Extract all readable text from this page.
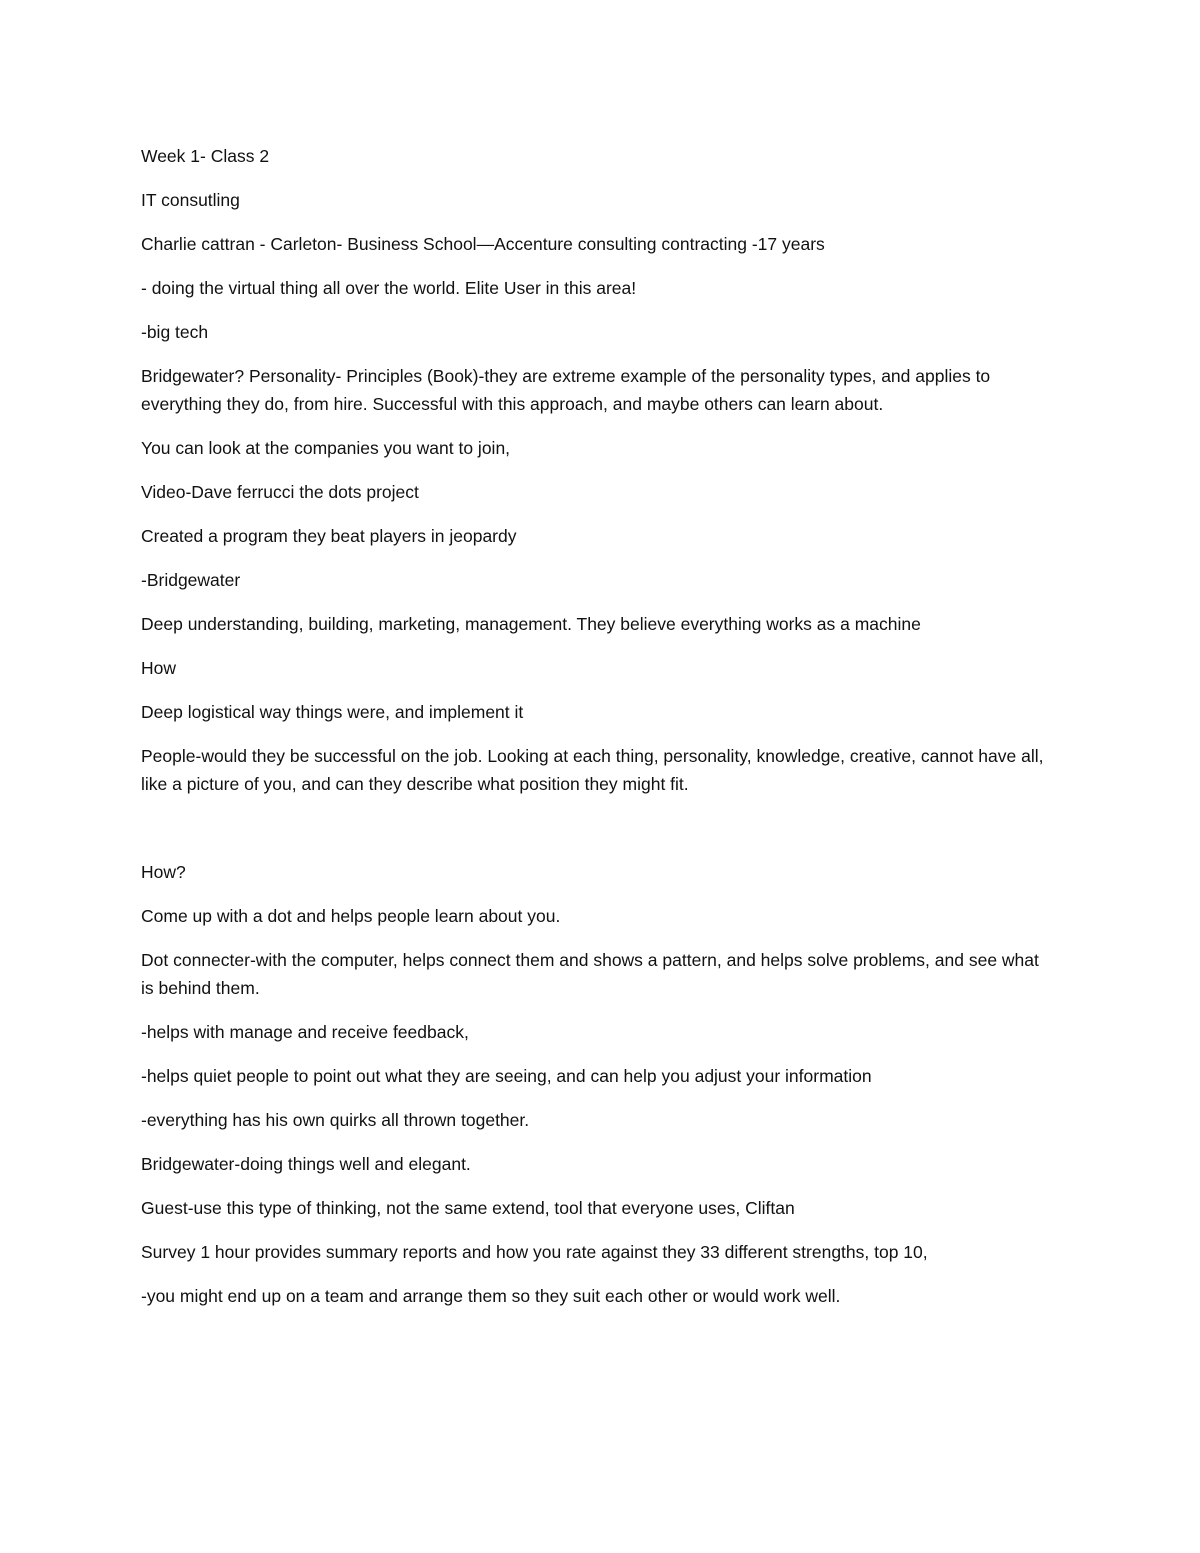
Week 1- Class 2

IT consutling

Charlie cattran - Carleton- Business School—Accenture consulting contracting -17 years

- doing the virtual thing all over the world. Elite User in this area!

-big tech

Bridgewater? Personality- Principles (Book)-they are extreme example of the personality types, and applies to everything they do, from hire. Successful with this approach, and maybe others can learn about.

You can look at the companies you want to join,

Video-Dave ferrucci the dots project

Created a program they beat players in jeopardy

-Bridgewater

Deep understanding, building, marketing, management. They believe everything works as a machine

How

Deep logistical way things were, and implement it

People-would they be successful on the job. Looking at each thing, personality, knowledge, creative, cannot have all, like a picture of you, and can they describe what position they might fit.

How?

Come up with a dot and helps people learn about you.

Dot connecter-with the computer, helps connect them and shows a pattern, and helps solve problems, and see what is behind them.

-helps with manage and receive feedback,

-helps quiet people to point out what they are seeing, and can help you adjust your information

-everything has his own quirks all thrown together.

Bridgewater-doing things well and elegant.

Guest-use this type of thinking, not the same extend, tool that everyone uses, Cliftan

Survey 1 hour provides summary reports and how you rate against they 33 different strengths, top 10,

-you might end up on a team and arrange them so they suit each other or would work well.
